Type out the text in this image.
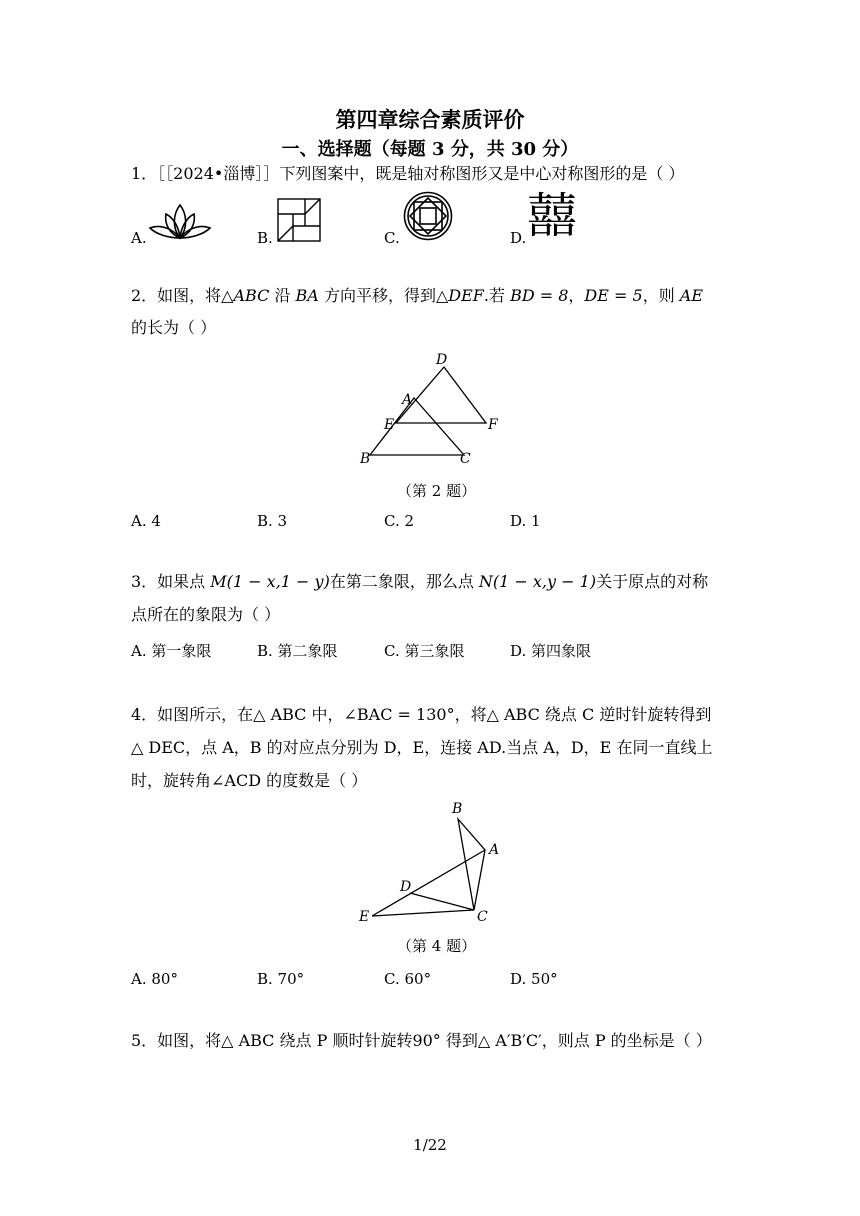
第四章综合素质评价
一、选择题（每题 3 分，共 30 分）
1．［［2024•淄博］］下列图案中，既是轴对称图形又是中心对称图形的是（ ）
A.	B.	C.	D. 囍
2．如图，将△ABC 沿 BA 方向平移，得到△DEF.若 BD = 8，DE = 5，则 AE
的长为（ ）
D
A
E	F
B	C
（第 2 题）
A. 4	B. 3	C. 2	D. 1
3．如果点 M(1 − x,1 − y)在第二象限，那么点 N(1 − x,y − 1)关于原点的对称
点所在的象限为（ ）
A. 第一象限	B. 第二象限	C. 第三象限	D. 第四象限
4．如图所示，在△ ABC 中，∠BAC = 130°，将△ ABC 绕点 C 逆时针旋转得到
△ DEC，点 A，B 的对应点分别为 D，E，连接 AD.当点 A，D，E 在同一直线上
时，旋转角∠ACD 的度数是（ ）
B
A
D
E	C
（第 4 题）
A. 80°	B. 70°	C. 60°	D. 50°
5．如图，将△ ABC 绕点 P 顺时针旋转90° 得到△ A′B′C′，则点 P 的坐标是（ ）
1/22
